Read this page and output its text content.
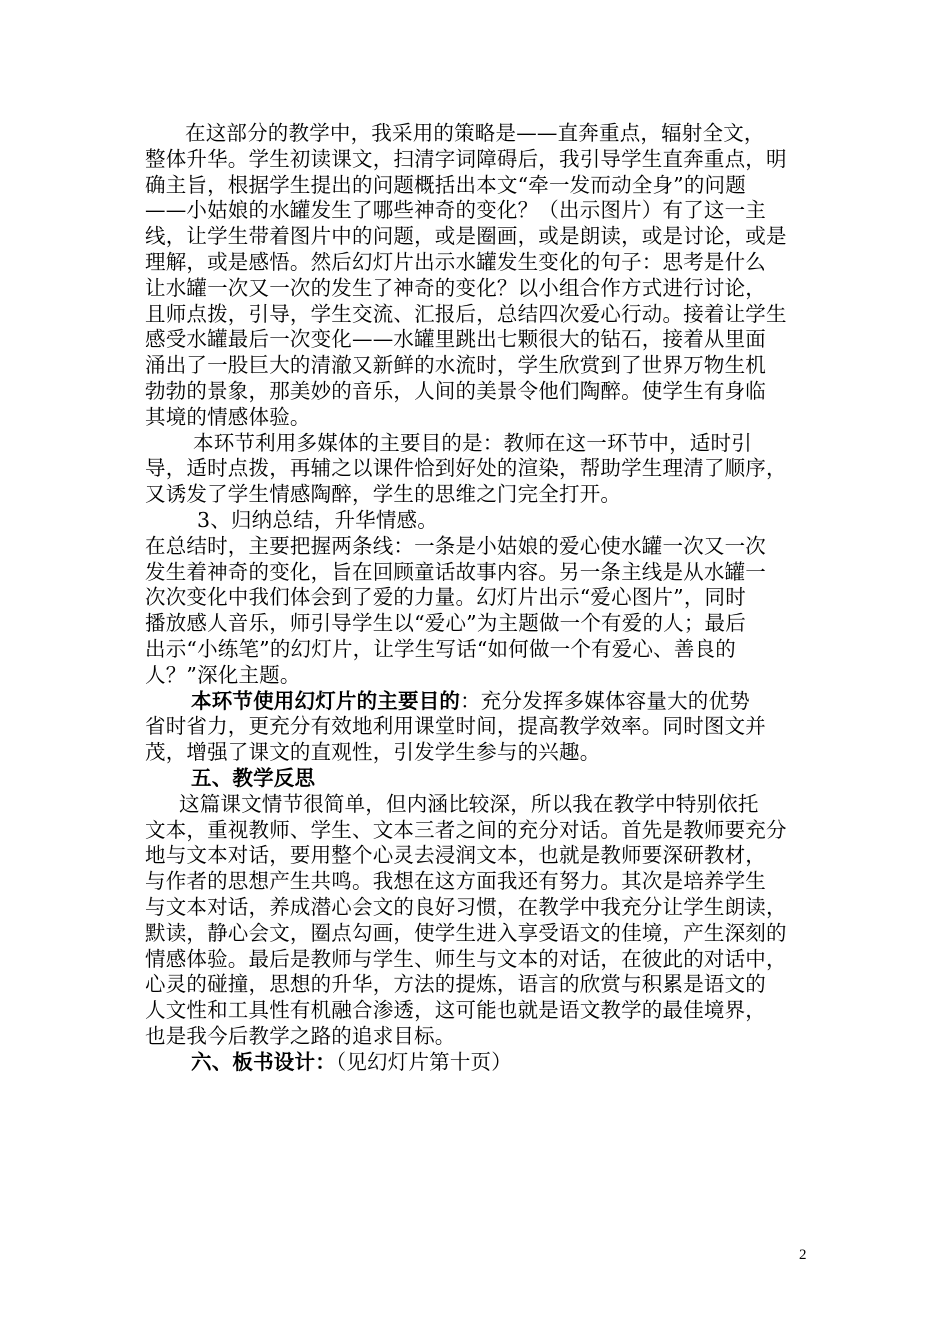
在这部分的教学中，我采用的策略是——直奔重点，辐射全文，
整体升华。学生初读课文，扫清字词障碍后，我引导学生直奔重点，明
确主旨，根据学生提出的问题概括出本文“牵一发而动全身”的问题
——小姑娘的水罐发生了哪些神奇的变化？（出示图片）有了这一主
线，让学生带着图片中的问题，或是圈画，或是朗读，或是讨论，或是
理解，或是感悟。然后幻灯片出示水罐发生变化的句子：思考是什么
让水罐一次又一次的发生了神奇的变化？以小组合作方式进行讨论，
且师点拨，引导，学生交流、汇报后，总结四次爱心行动。接着让学生
感受水罐最后一次变化——水罐里跳出七颗很大的钻石，接着从里面
涌出了一股巨大的清澈又新鲜的水流时，学生欣赏到了世界万物生机
勃勃的景象，那美妙的音乐，人间的美景令他们陶醉。使学生有身临
其境的情感体验。
本环节利用多媒体的主要目的是：教师在这一环节中，适时引
导，适时点拨，再辅之以课件恰到好处的渲染，帮助学生理清了顺序，
又诱发了学生情感陶醉，学生的思维之门完全打开。
3、归纳总结，升华情感。
在总结时，主要把握两条线：一条是小姑娘的爱心使水罐一次又一次
发生着神奇的变化，旨在回顾童话故事内容。另一条主线是从水罐一
次次变化中我们体会到了爱的力量。幻灯片出示“爱心图片”，同时
播放感人音乐，师引导学生以“爱心”为主题做一个有爱的人；最后
出示“小练笔”的幻灯片，让学生写话“如何做一个有爱心、善良的
人？”深化主题。
本环节使用幻灯片的主要目的：充分发挥多媒体容量大的优势
省时省力，更充分有效地利用课堂时间，提高教学效率。同时图文并
茂，增强了课文的直观性，引发学生参与的兴趣。
五、教学反思
这篇课文情节很简单，但内涵比较深，所以我在教学中特别依托
文本，重视教师、学生、文本三者之间的充分对话。首先是教师要充分
地与文本对话，要用整个心灵去浸润文本，也就是教师要深研教材，
与作者的思想产生共鸣。我想在这方面我还有努力。其次是培养学生
与文本对话，养成潜心会文的良好习惯，在教学中我充分让学生朗读，
默读，静心会文，圈点勾画，使学生进入享受语文的佳境，产生深刻的
情感体验。最后是教师与学生、师生与文本的对话，在彼此的对话中，
心灵的碰撞，思想的升华，方法的提炼，语言的欣赏与积累是语文的
人文性和工具性有机融合渗透，这可能也就是语文教学的最佳境界，
也是我今后教学之路的追求目标。
六、板书设计：（见幻灯片第十页）
2
